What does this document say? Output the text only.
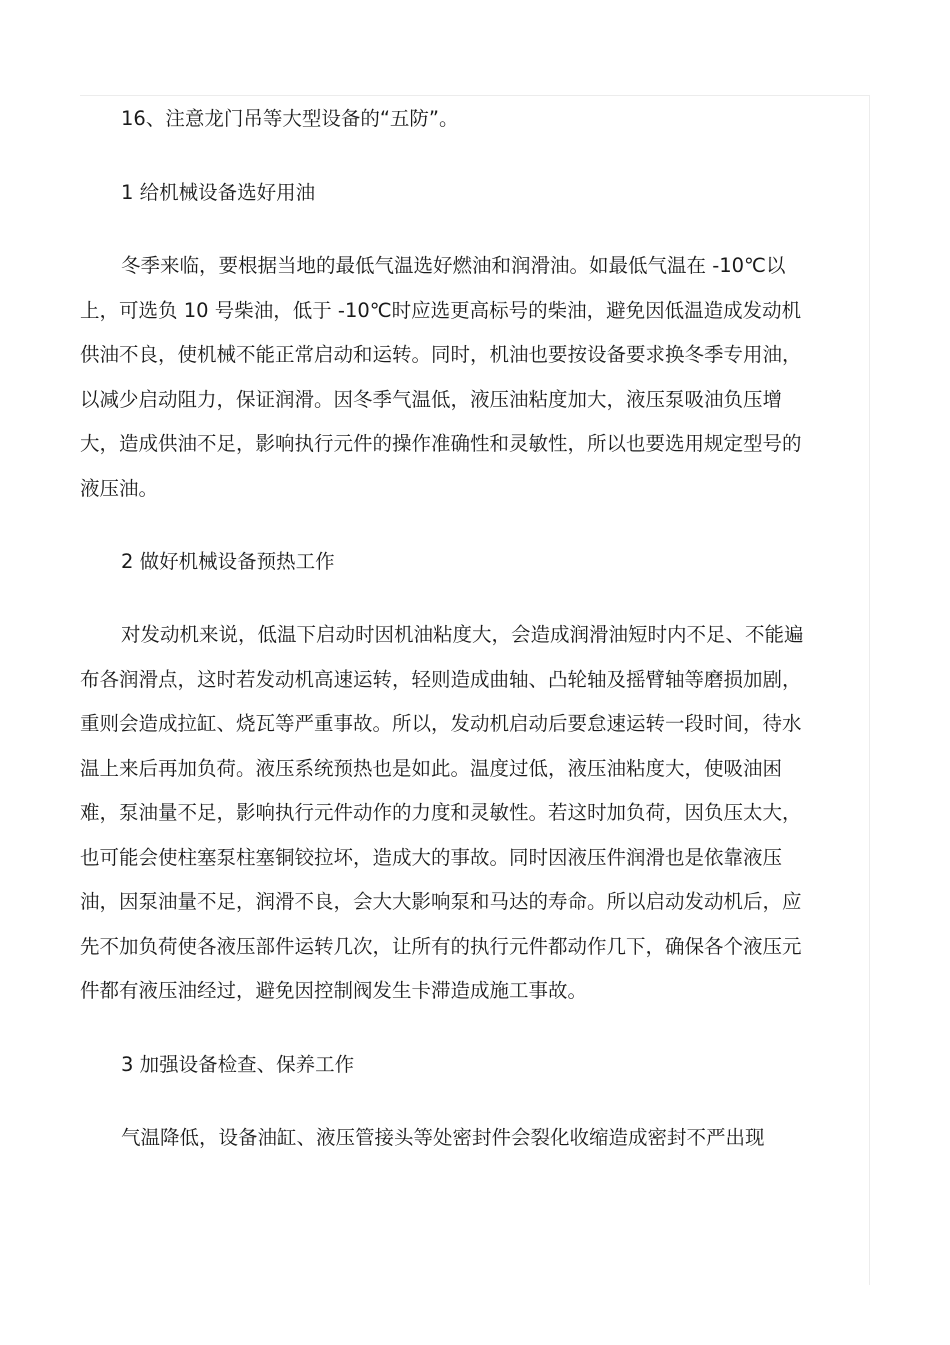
16、注意龙门吊等大型设备的“五防”。

1 给机械设备选好用油

冬季来临，要根据当地的最低气温选好燃油和润滑油。如最低气温在 -10℃以上，可选负 10 号柴油，低于 -10℃时应选更高标号的柴油，避免因低温造成发动机供油不良，使机械不能正常启动和运转。同时，机油也要按设备要求换冬季专用油，以减少启动阻力，保证润滑。因冬季气温低，液压油粘度加大，液压泵吸油负压增大，造成供油不足，影响执行元件的操作准确性和灵敏性，所以也要选用规定型号的液压油。

2 做好机械设备预热工作

对发动机来说，低温下启动时因机油粘度大，会造成润滑油短时内不足、不能遍布各润滑点，这时若发动机高速运转，轻则造成曲轴、凸轮轴及摇臂轴等磨损加剧，重则会造成拉缸、烧瓦等严重事故。所以，发动机启动后要怠速运转一段时间，待水温上来后再加负荷。液压系统预热也是如此。温度过低，液压油粘度大，使吸油困难，泵油量不足，影响执行元件动作的力度和灵敏性。若这时加负荷，因负压太大，也可能会使柱塞泵柱塞铜铰拉坏，造成大的事故。同时因液压件润滑也是依靠液压油，因泵油量不足，润滑不良，会大大影响泵和马达的寿命。所以启动发动机后，应先不加负荷使各液压部件运转几次，让所有的执行元件都动作几下，确保各个液压元件都有液压油经过，避免因控制阀发生卡滞造成施工事故。

3 加强设备检查、保养工作

气温降低，设备油缸、液压管接头等处密封件会裂化收缩造成密封不严出现
